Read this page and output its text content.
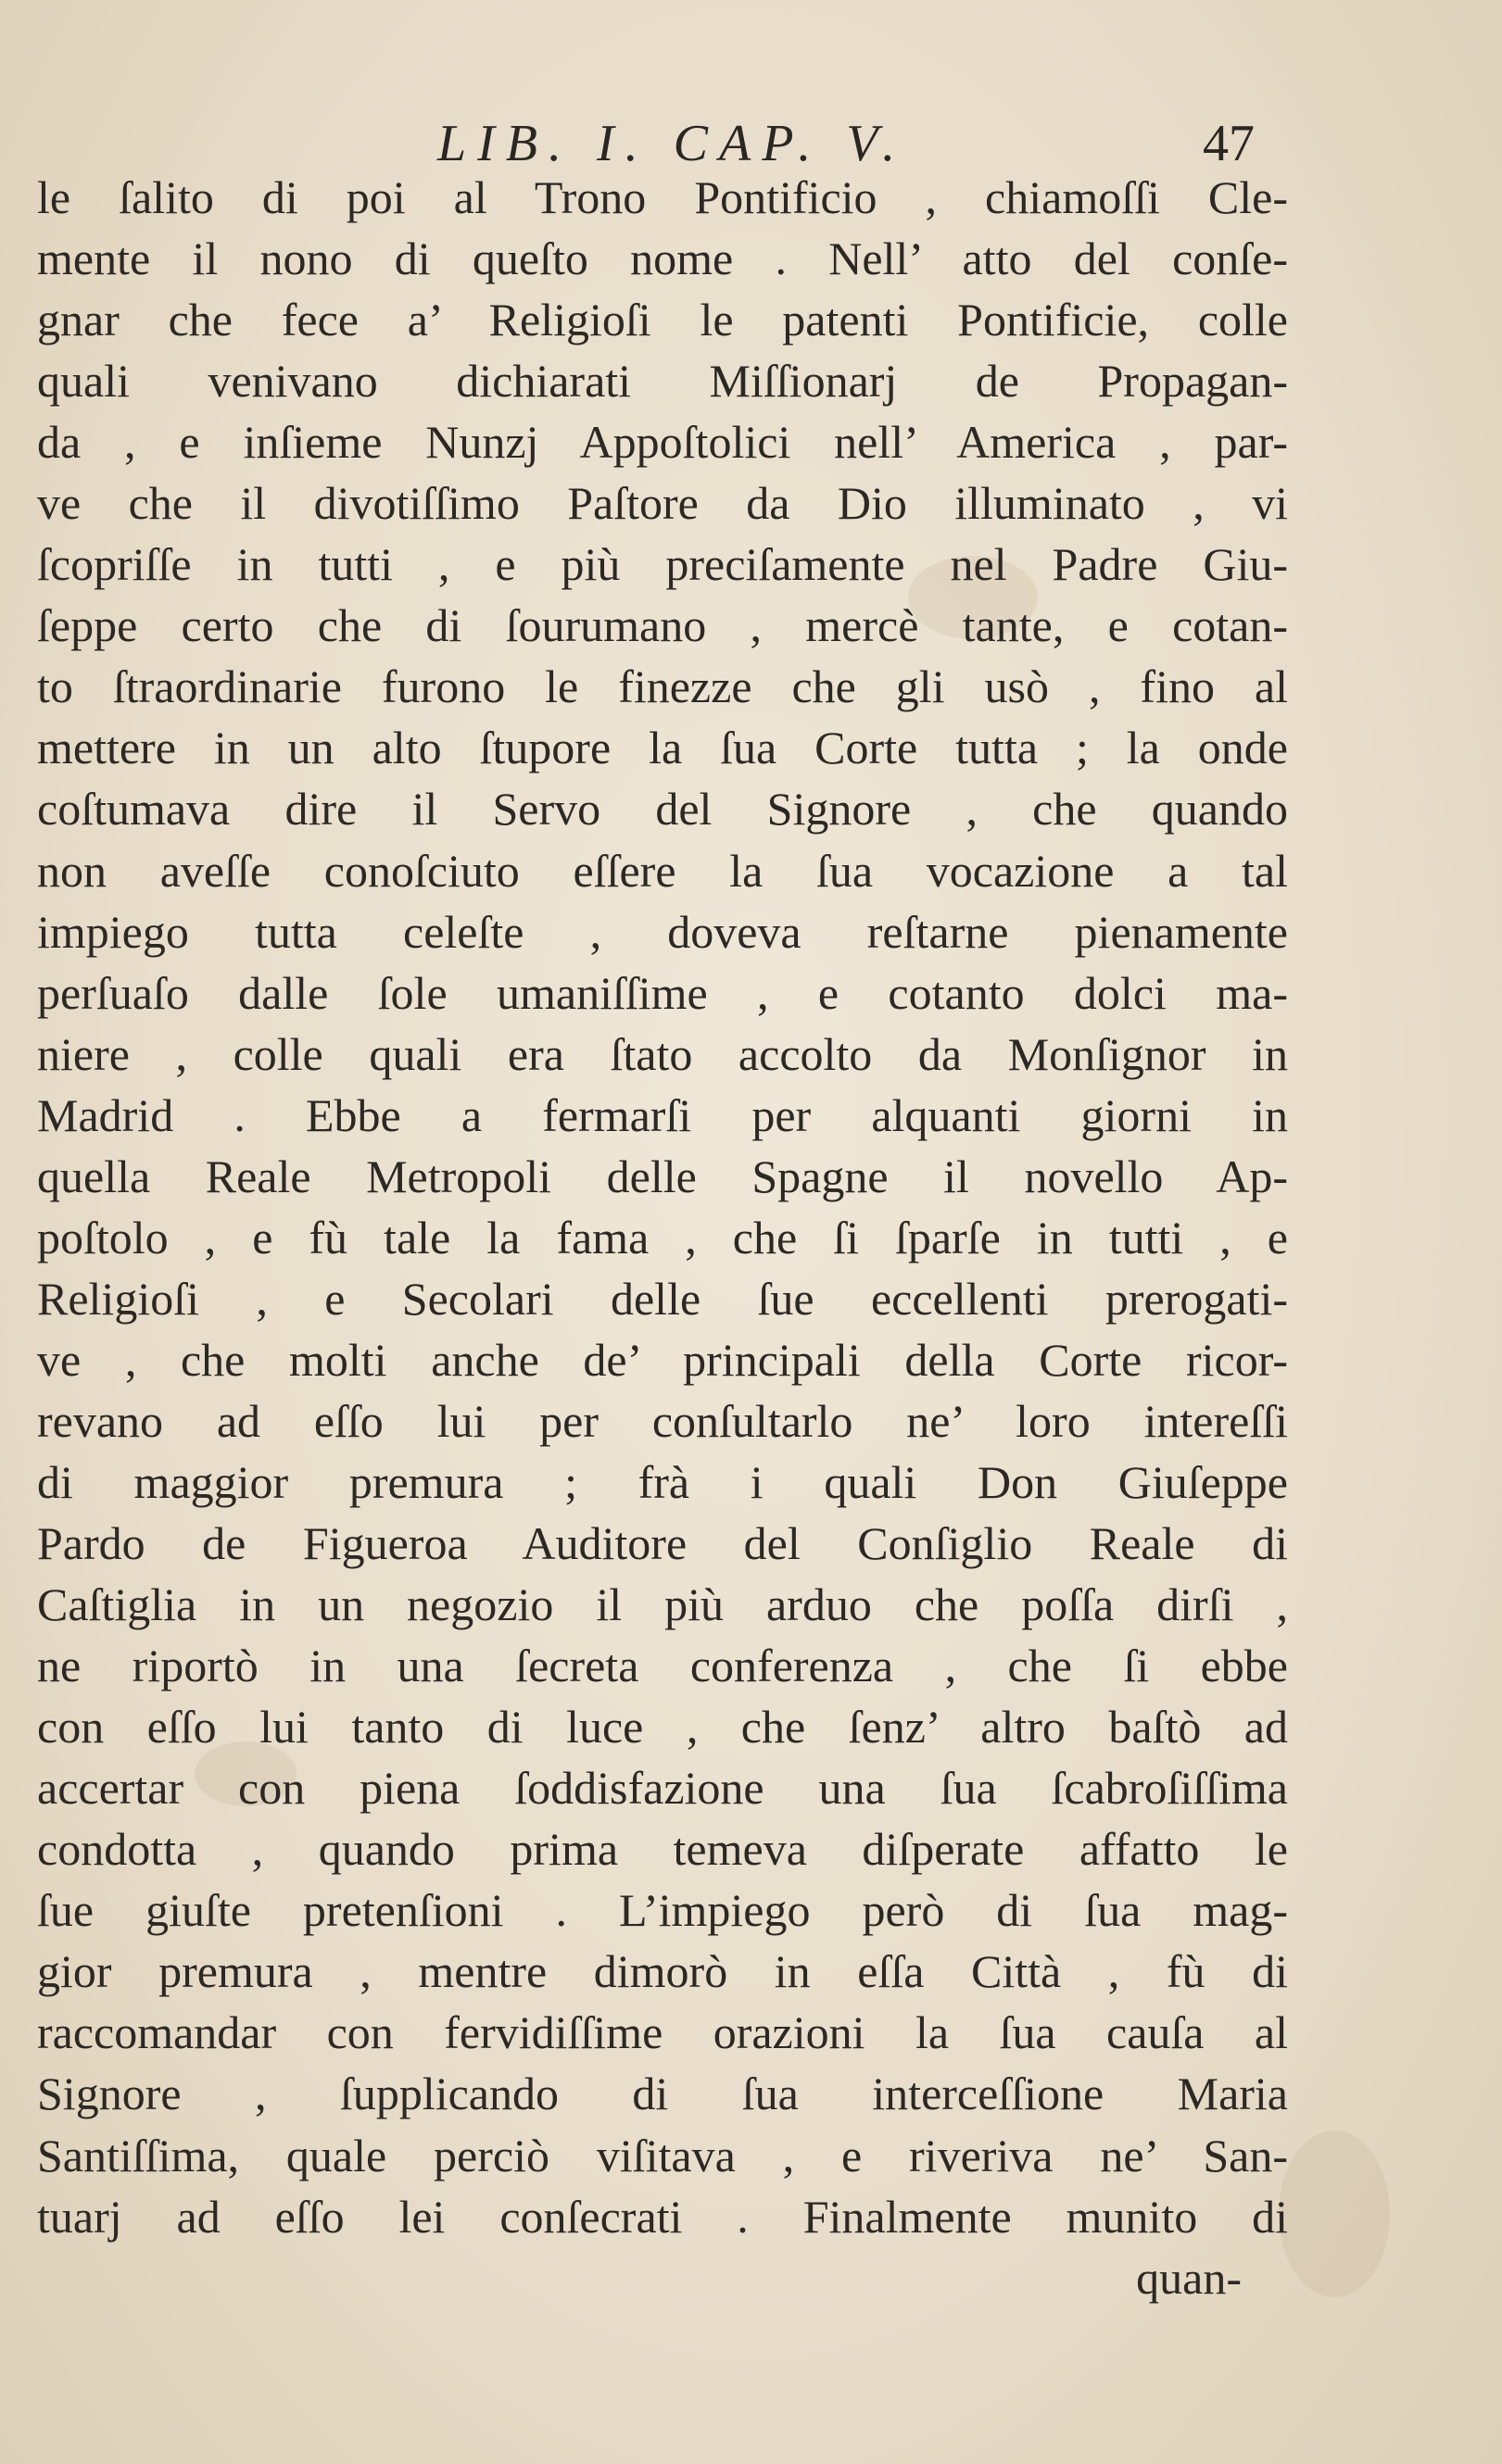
LIB. I. CAP. V.	47
le ſalito di poi al Trono Pontificio , chiamoſſi Cle-
mente il nono di queſto nome . Nell’ atto del conſe-
gnar che fece a’ Religioſi le patenti Pontificie, colle
quali venivano dichiarati Miſſionarj de Propagan-
da , e inſieme Nunzj Appoſtolici nell’ America , par-
ve che il divotiſſimo Paſtore da Dio illuminato , vi
ſcopriſſe in tutti , e più preciſamente nel Padre Giu-
ſeppe certo che di ſourumano , mercè tante, e cotan-
to ſtraordinarie furono le finezze che gli usò , fino al
mettere in un alto ſtupore la ſua Corte tutta ; la onde
coſtumava dire il Servo del Signore , che quando
non aveſſe conoſciuto eſſere la ſua vocazione a tal
impiego tutta celeſte , doveva reſtarne pienamente
perſuaſo dalle ſole umaniſſime , e cotanto dolci ma-
niere , colle quali era ſtato accolto da Monſignor in
Madrid . Ebbe a fermarſi per alquanti giorni in
quella Reale Metropoli delle Spagne il novello Ap-
poſtolo , e fù tale la fama , che ſi ſparſe in tutti , e
Religioſi , e Secolari delle ſue eccellenti prerogati-
ve , che molti anche de’ principali della Corte ricor-
revano ad eſſo lui per conſultarlo ne’ loro intereſſi
di maggior premura ; frà i quali Don Giuſeppe
Pardo de Figueroa Auditore del Conſiglio Reale di
Caſtiglia in un negozio il più arduo che poſſa dirſi ,
ne riportò in una ſecreta conferenza , che ſi ebbe
con eſſo lui tanto di luce , che ſenz’ altro baſtò ad
accertar con piena ſoddisfazione una ſua ſcabroſiſſima
condotta , quando prima temeva diſperate affatto le
ſue giuſte pretenſioni . L’impiego però di ſua mag-
gior premura , mentre dimorò in eſſa Città , fù di
raccomandar con fervidiſſime orazioni la ſua cauſa al
Signore , ſupplicando di ſua interceſſione Maria
Santiſſima, quale perciò viſitava , e riveriva ne’ San-
tuarj ad eſſo lei conſecrati . Finalmente munito di
quan-
